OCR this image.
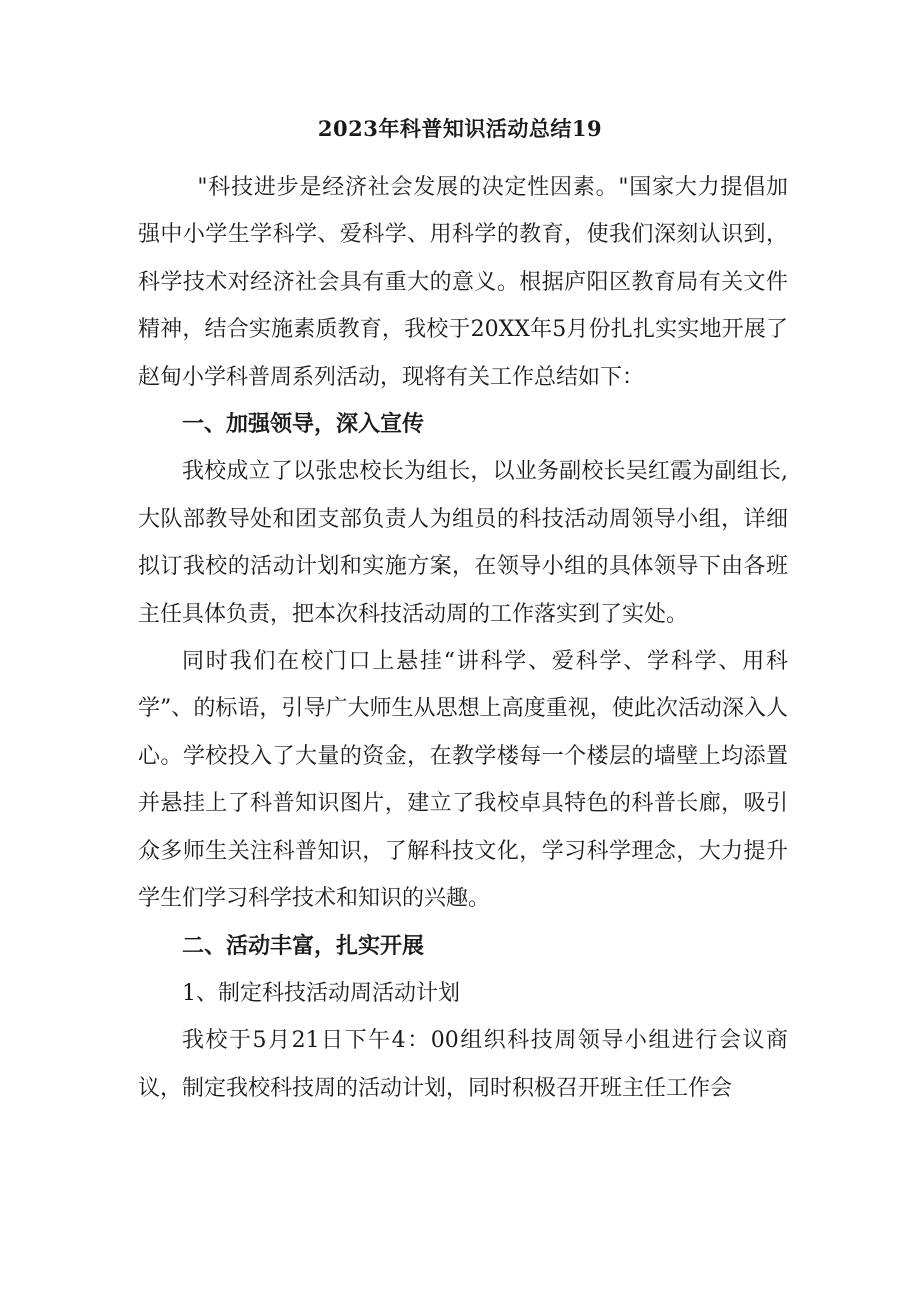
2023年科普知识活动总结19

"科技进步是经济社会发展的决定性因素。"国家大力提倡加强中小学生学科学、爱科学、用科学的教育，使我们深刻认识到，科学技术对经济社会具有重大的意义。根据庐阳区教育局有关文件精神，结合实施素质教育，我校于20XX年5月份扎扎实实地开展了赵甸小学科普周系列活动，现将有关工作总结如下：

一、加强领导，深入宣传

我校成立了以张忠校长为组长，以业务副校长吴红霞为副组长,大队部教导处和团支部负责人为组员的科技活动周领导小组，详细拟订我校的活动计划和实施方案，在领导小组的具体领导下由各班主任具体负责，把本次科技活动周的工作落实到了实处。

同时我们在校门口上悬挂“讲科学、爱科学、学科学、用科学”、的标语，引导广大师生从思想上高度重视，使此次活动深入人心。学校投入了大量的资金，在教学楼每一个楼层的墙壁上均添置并悬挂上了科普知识图片，建立了我校卓具特色的科普长廊，吸引众多师生关注科普知识，了解科技文化，学习科学理念，大力提升学生们学习科学技术和知识的兴趣。

二、活动丰富，扎实开展

1、制定科技活动周活动计划

我校于5月21日下午4：00组织科技周领导小组进行会议商议，制定我校科技周的活动计划，同时积极召开班主任工作会
